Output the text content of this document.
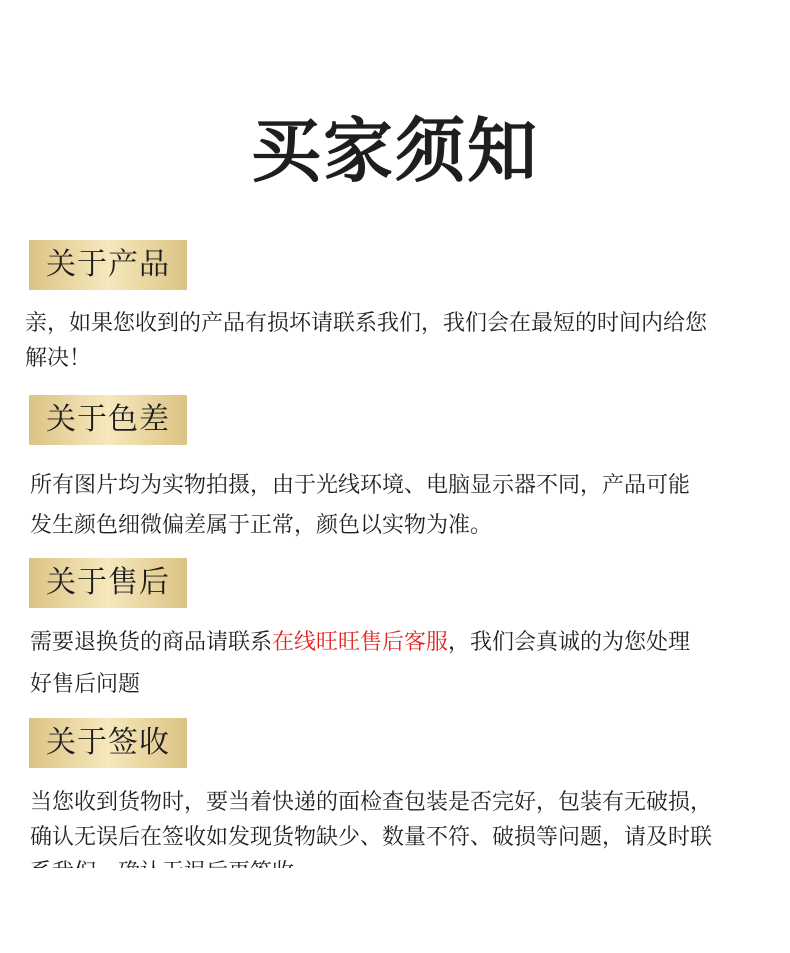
买家须知
关于产品
亲，如果您收到的产品有损坏请联系我们，我们会在最短的时间内给您
解决！
关于色差
所有图片均为实物拍摄，由于光线环境、电脑显示器不同，产品可能
发生颜色细微偏差属于正常，颜色以实物为准。
关于售后
需要退换货的商品请联系在线旺旺售后客服，我们会真诚的为您处理
好售后问题
关于签收
当您收到货物时，要当着快递的面检查包装是否完好，包装有无破损，
确认无误后在签收如发现货物缺少、数量不符、破损等问题，请及时联
